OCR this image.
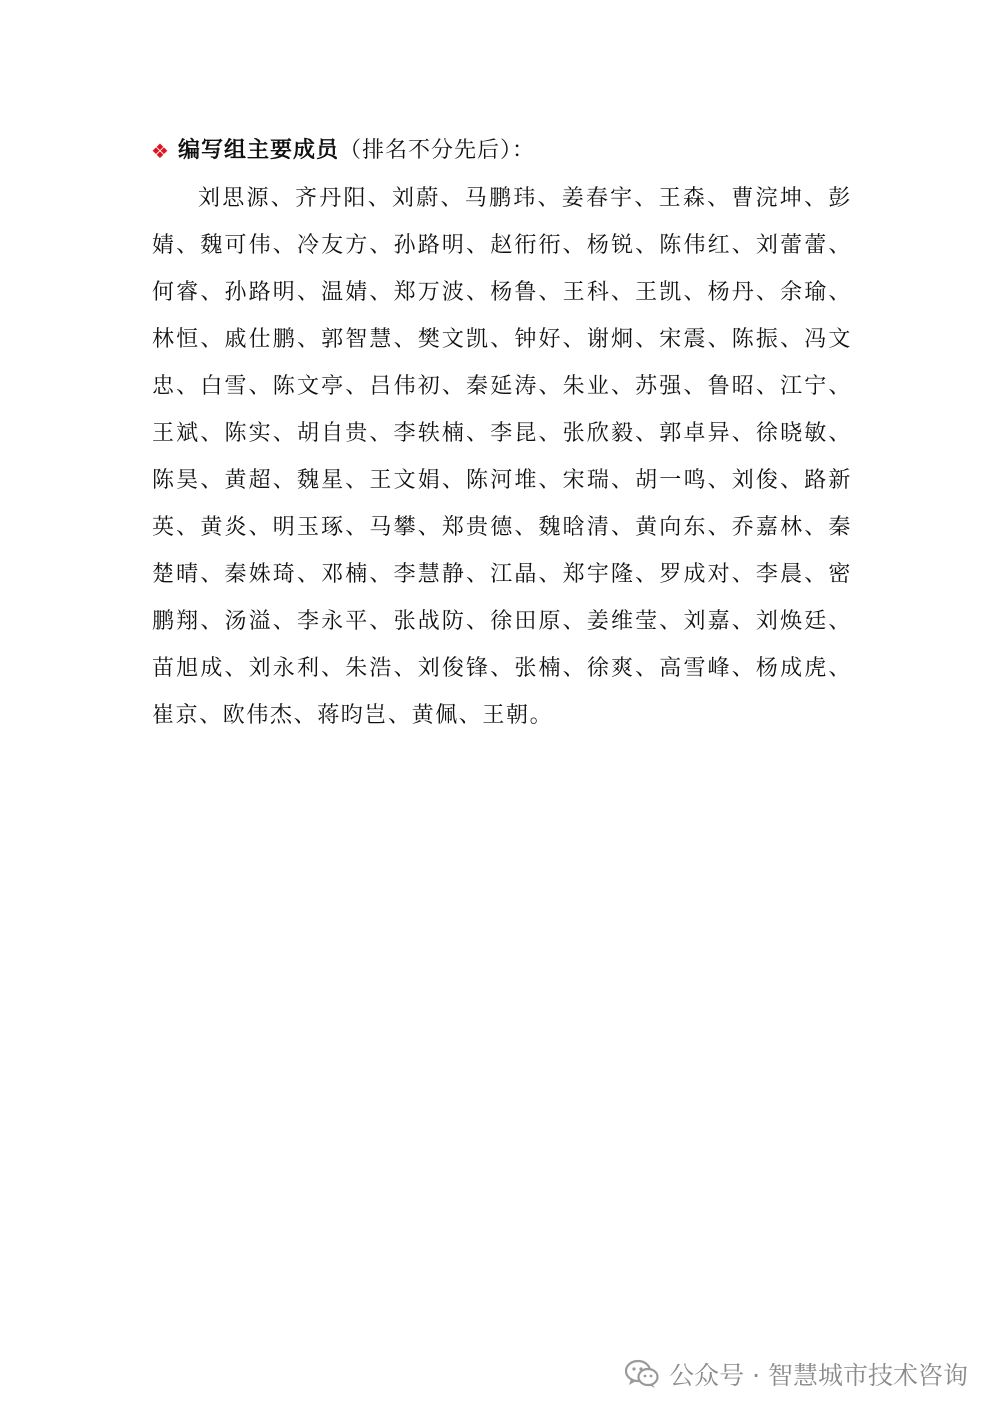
❖ 编写组主要成员 （排名不分先后）：

刘思源、齐丹阳、刘蔚、马鹏玮、姜春宇、王森、曹浣坤、彭婧、魏可伟、冷友方、孙路明、赵衎衎、杨锐、陈伟红、刘蕾蕾、何睿、孙路明、温婧、郑万波、杨鲁、王科、王凯、杨丹、余瑜、林恒、戚仕鹏、郭智慧、樊文凯、钟好、谢炯、宋震、陈振、冯文忠、白雪、陈文亭、吕伟初、秦延涛、朱业、苏强、鲁昭、江宁、王斌、陈实、胡自贵、李轶楠、李昆、张欣毅、郭卓异、徐晓敏、陈昊、黄超、魏星、王文娟、陈河堆、宋瑞、胡一鸣、刘俊、路新英、黄炎、明玉琢、马攀、郑贵德、魏晗清、黄向东、乔嘉林、秦楚晴、秦姝琦、邓楠、李慧静、江晶、郑宇隆、罗成对、李晨、密鹏翔、汤溢、李永平、张战防、徐田原、姜维莹、刘嘉、刘焕廷、苗旭成、刘永利、朱浩、刘俊锋、张楠、徐爽、高雪峰、杨成虎、崔京、欧伟杰、蒋昀岂、黄佩、王朝。

公众号 · 智慧城市技术咨询
